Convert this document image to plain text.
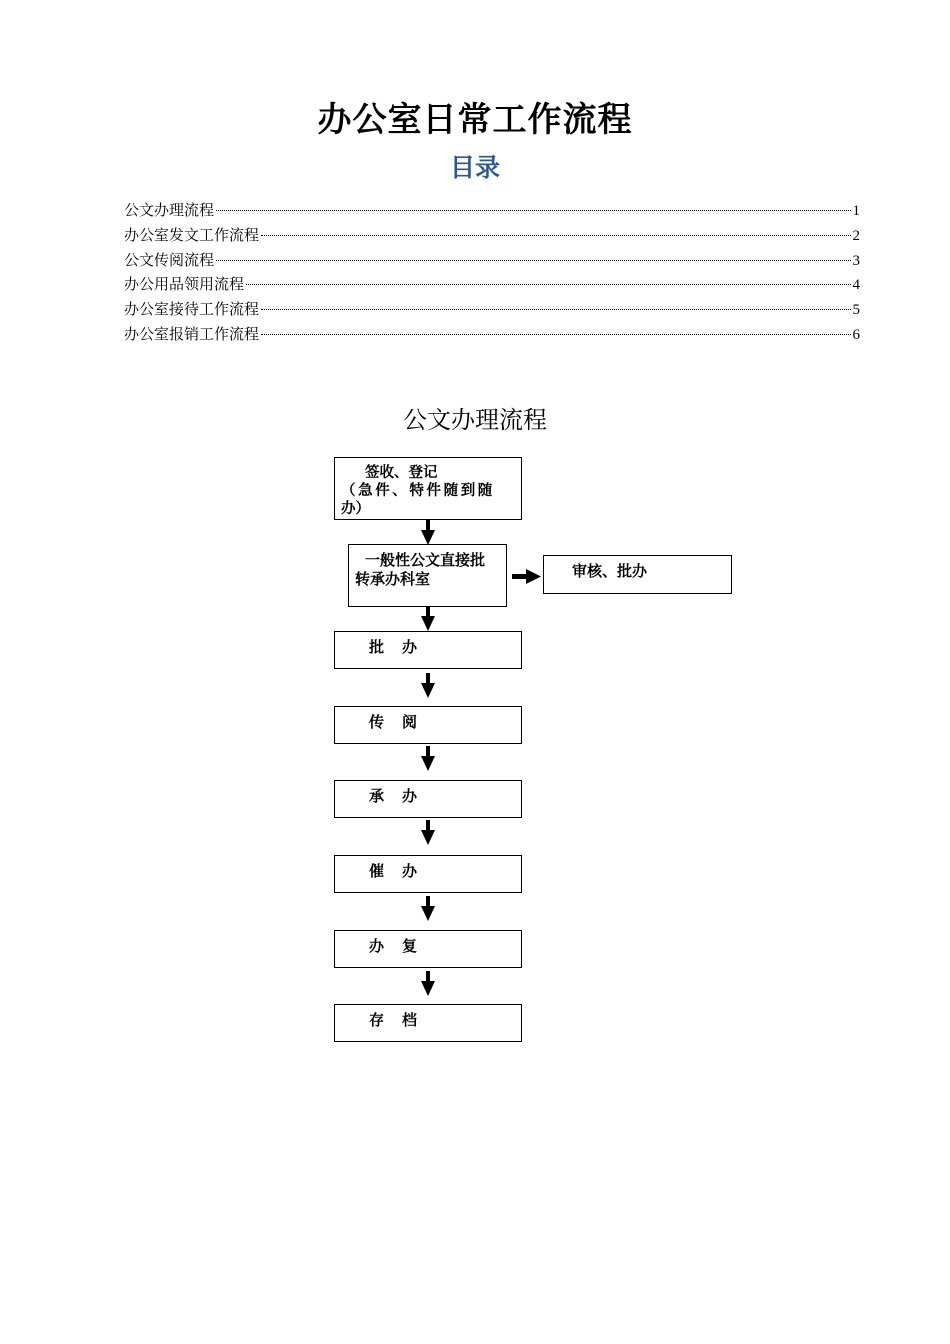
办公室日常工作流程
目录
公文办理流程	1
办公室发文工作流程	2
公文传阅流程	3
办公用品领用流程	4
办公室接待工作流程	5
办公室报销工作流程	6
公文办理流程
签收、登记
（急件、特件随到随
办）
一般性公文直接批
转承办科室	审核、批办
批办
传阅
承办
催办
办复
存档
